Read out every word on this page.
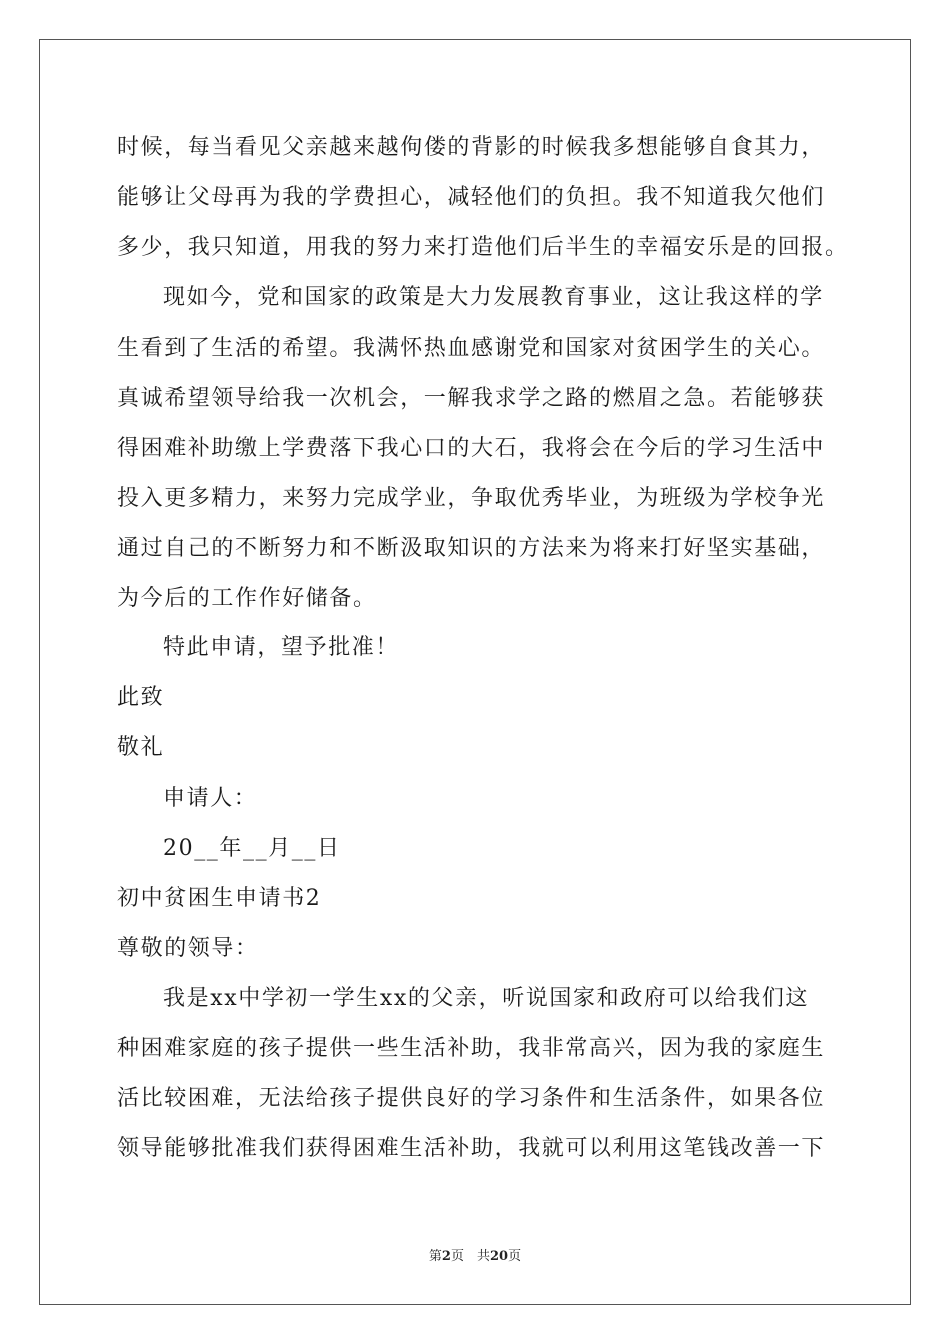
时候，每当看见父亲越来越佝偻的背影的时候我多想能够自食其力，
能够让父母再为我的学费担心，减轻他们的负担。我不知道我欠他们
多少，我只知道，用我的努力来打造他们后半生的幸福安乐是的回报。
现如今，党和国家的政策是大力发展教育事业，这让我这样的学
生看到了生活的希望。我满怀热血感谢党和国家对贫困学生的关心。
真诚希望领导给我一次机会，一解我求学之路的燃眉之急。若能够获
得困难补助缴上学费落下我心口的大石，我将会在今后的学习生活中
投入更多精力，来努力完成学业，争取优秀毕业，为班级为学校争光
通过自己的不断努力和不断汲取知识的方法来为将来打好坚实基础，
为今后的工作作好储备。
特此申请，望予批准！
此致
敬礼
申请人：
20__年__月__日
初中贫困生申请书2
尊敬的领导：
我是xx中学初一学生xx的父亲，听说国家和政府可以给我们这
种困难家庭的孩子提供一些生活补助，我非常高兴，因为我的家庭生
活比较困难，无法给孩子提供良好的学习条件和生活条件，如果各位
领导能够批准我们获得困难生活补助，我就可以利用这笔钱改善一下
第2页　共20页
